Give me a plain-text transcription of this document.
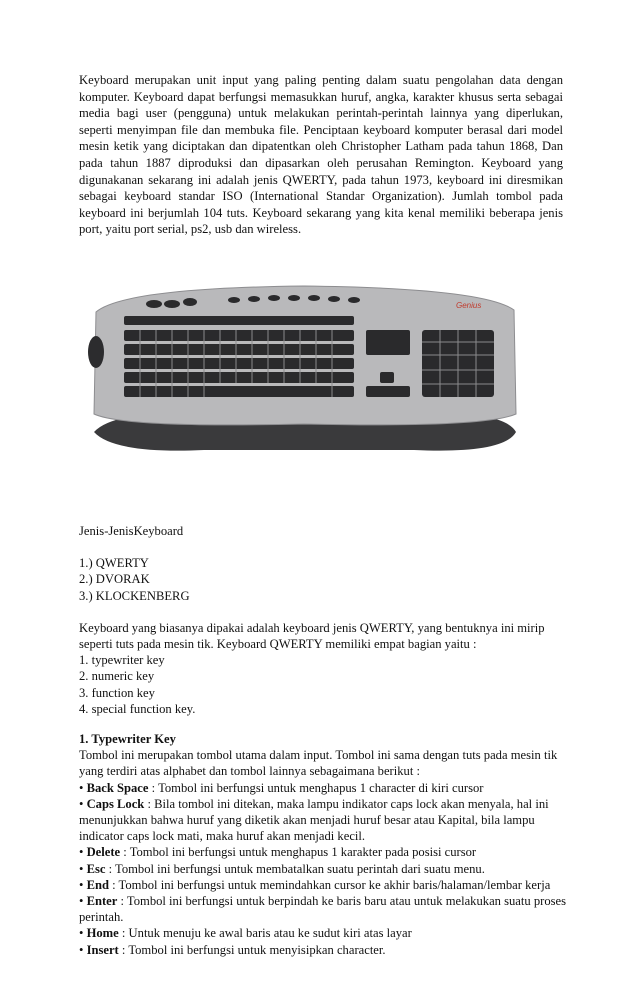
Keyboard merupakan unit input yang paling penting dalam suatu pengolahan data dengan komputer. Keyboard dapat berfungsi memasukkan huruf, angka, karakter khusus serta sebagai media bagi user (pengguna) untuk melakukan perintah-perintah lainnya yang diperlukan, seperti menyimpan file dan membuka file. Penciptaan keyboard komputer berasal dari model mesin ketik yang diciptakan dan dipatentkan oleh Christopher Latham pada tahun 1868, Dan pada tahun 1887 diproduksi dan dipasarkan oleh perusahan Remington. Keyboard yang digunakanan sekarang ini adalah jenis QWERTY, pada tahun 1973, keyboard ini diresmikan sebagai keyboard standar ISO (International Standar Organization). Jumlah tombol pada keyboard ini berjumlah 104 tuts. Keyboard sekarang yang kita kenal memiliki beberapa jenis port, yaitu port serial, ps2, usb dan wireless.

Genius

Jenis-JenisKeyboard

1.) QWERTY

2.) DVORAK

3.) KLOCKENBERG

Keyboard yang biasanya dipakai adalah keyboard jenis QWERTY, yang bentuknya ini mirip seperti tuts pada mesin tik. Keyboard QWERTY memiliki empat bagian yaitu :

1. typewriter key

2. numeric key

3. function key

4. special function key.

1. Typewriter Key

Tombol ini merupakan tombol utama dalam input. Tombol ini sama dengan tuts pada mesin tik yang terdiri atas alphabet dan tombol lainnya sebagaimana berikut :

• Back Space : Tombol ini berfungsi untuk menghapus 1 character di kiri cursor

• Caps Lock : Bila tombol ini ditekan, maka lampu indikator caps lock akan menyala, hal ini menunjukkan bahwa huruf yang diketik akan menjadi huruf besar atau Kapital, bila lampu indicator caps lock mati, maka huruf akan menjadi kecil.

• Delete : Tombol ini berfungsi untuk menghapus 1 karakter pada posisi cursor

• Esc : Tombol ini berfungsi untuk membatalkan suatu perintah dari suatu menu.

• End : Tombol ini berfungsi untuk memindahkan cursor ke akhir baris/halaman/lembar kerja

• Enter : Tombol ini berfungsi untuk berpindah ke baris baru atau untuk melakukan suatu proses perintah.

• Home : Untuk menuju ke awal baris atau ke sudut kiri atas layar

• Insert : Tombol ini berfungsi untuk menyisipkan character.
